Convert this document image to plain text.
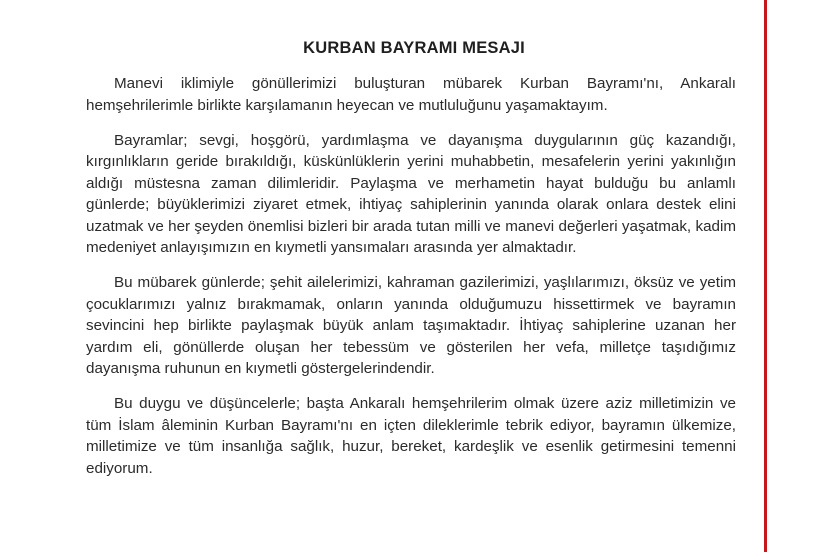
KURBAN BAYRAMI MESAJI

Manevi iklimiyle gönüllerimizi buluşturan mübarek Kurban Bayramı'nı, Ankaralı hemşehrilerimle birlikte karşılamanın heyecan ve mutluluğunu yaşamaktayım.

Bayramlar; sevgi, hoşgörü, yardımlaşma ve dayanışma duygularının güç kazandığı, kırgınlıkların geride bırakıldığı, küskünlüklerin yerini muhabbetin, mesafelerin yerini yakınlığın aldığı müstesna zaman dilimleridir. Paylaşma ve merhametin hayat bulduğu bu anlamlı günlerde; büyüklerimizi ziyaret etmek, ihtiyaç sahiplerinin yanında olarak onlara destek elini uzatmak ve her şeyden önemlisi bizleri bir arada tutan milli ve manevi değerleri yaşatmak, kadim medeniyet anlayışımızın en kıymetli yansımaları arasında yer almaktadır.

Bu mübarek günlerde; şehit ailelerimizi, kahraman gazilerimizi, yaşlılarımızı, öksüz ve yetim çocuklarımızı yalnız bırakmamak, onların yanında olduğumuzu hissettirmek ve bayramın sevincini hep birlikte paylaşmak büyük anlam taşımaktadır. İhtiyaç sahiplerine uzanan her yardım eli, gönüllerde oluşan her tebessüm ve gösterilen her vefa, milletçe taşıdığımız dayanışma ruhunun en kıymetli göstergelerindendir.

Bu duygu ve düşüncelerle; başta Ankaralı hemşehrilerim olmak üzere aziz milletimizin ve tüm İslam âleminin Kurban Bayramı'nı en içten dileklerimle tebrik ediyor, bayramın ülkemize, milletimize ve tüm insanlığa sağlık, huzur, bereket, kardeşlik ve esenlik getirmesini temenni ediyorum.
